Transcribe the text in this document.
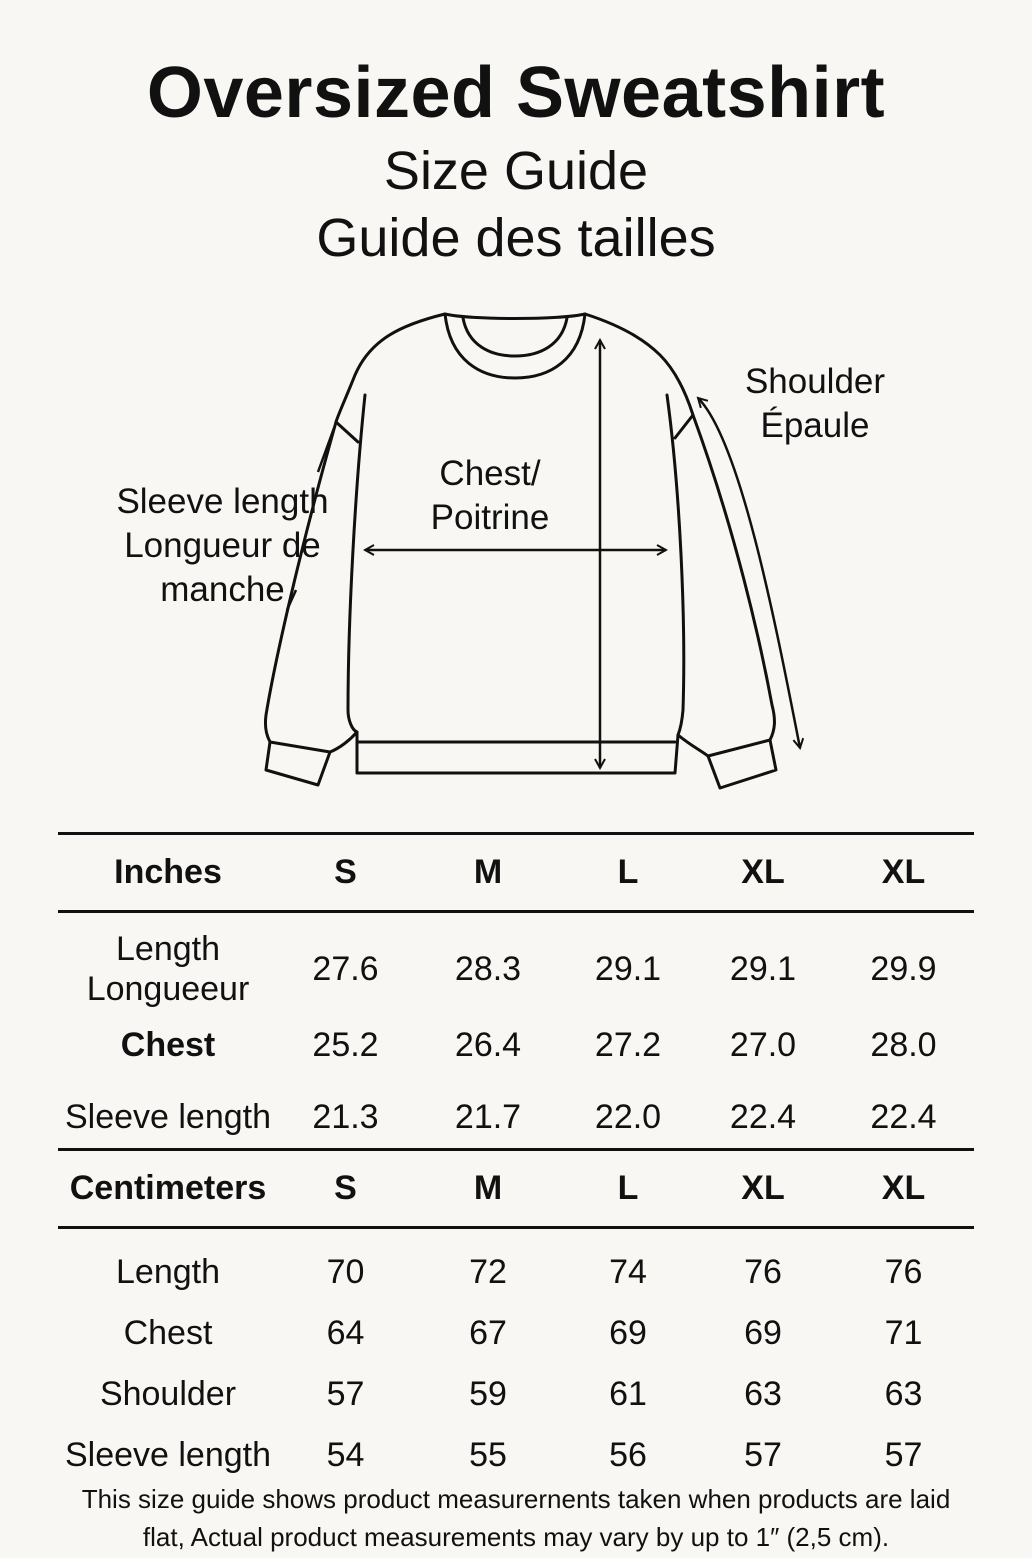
Oversized Sweatshirt
Size Guide
Guide des tailles
Sleeve length
Longueur de
manche
Chest/
Poitrine
Shoulder
Épaule
Inches	S	M	L	XL	XL

Length
Longueeur	27.6	28.3	29.1	29.1	29.9
Chest	25.2	26.4	27.2	27.0	28.0
Sleeve length	21.3	21.7	22.0	22.4	22.4
Centimeters	S	M	L	XL	XL
Length	70	72	74	76	76
Chest	64	67	69	69	71
Shoulder	57	59	61	63	63
Sleeve length	54	55	56	57	57
This size guide shows product measurernents taken when products are laid
flat, Actual product measurements may vary by up to 1″ (2,5 cm).
